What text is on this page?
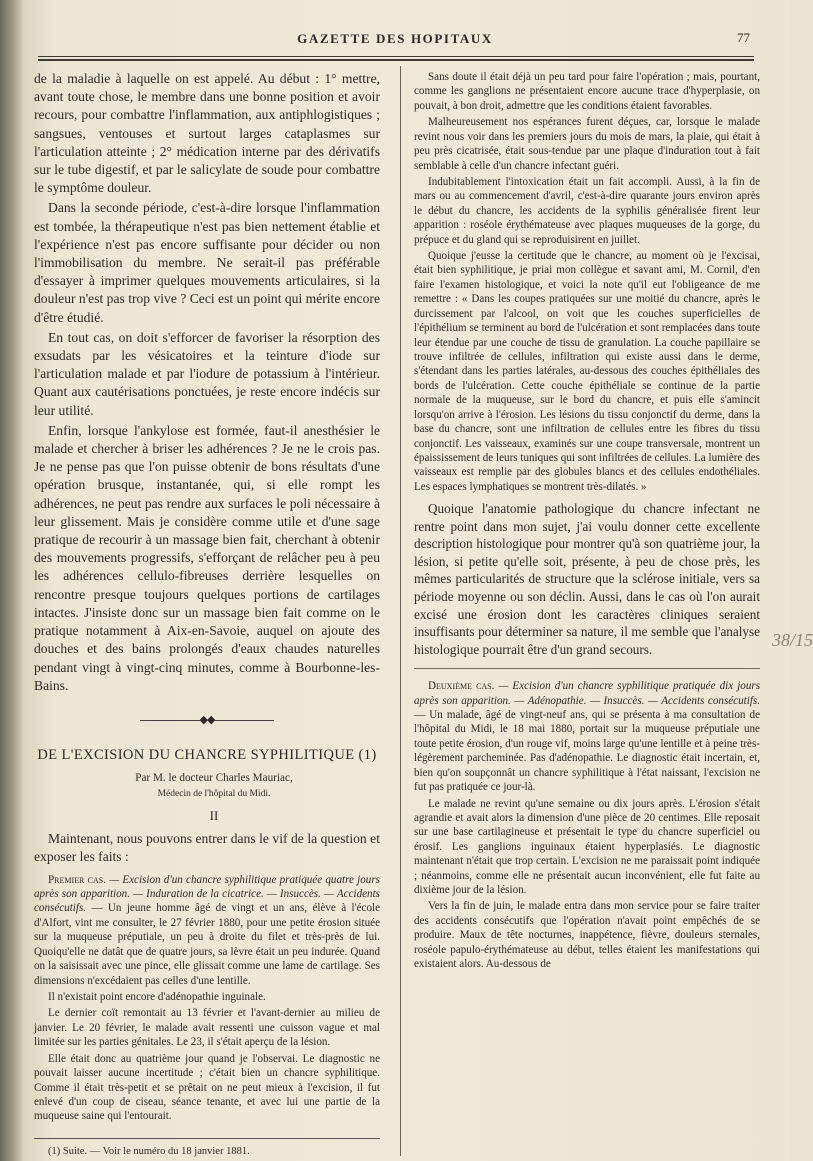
GAZETTE DES HOPITAUX	77

de la maladie à laquelle on est appelé. Au début : 1° mettre, avant toute chose, le membre dans une bonne position et avoir recours, pour combattre l'inflammation, aux antiphlogistiques ; sangsues, ventouses et surtout larges cataplasmes sur l'articulation atteinte ; 2° médication interne par des dérivatifs sur le tube digestif, et par le salicylate de soude pour combattre le symptôme douleur.

Dans la seconde période, c'est-à-dire lorsque l'inflammation est tombée, la thérapeutique n'est pas bien nettement établie et l'expérience n'est pas encore suffisante pour décider ou non l'immobilisation du membre. Ne serait-il pas préférable d'essayer à imprimer quelques mouvements articulaires, si la douleur n'est pas trop vive ? Ceci est un point qui mérite encore d'être étudié.

En tout cas, on doit s'efforcer de favoriser la résorption des exsudats par les vésicatoires et la teinture d'iode sur l'articulation malade et par l'iodure de potassium à l'intérieur. Quant aux cautérisations ponctuées, je reste encore indécis sur leur utilité.

Enfin, lorsque l'ankylose est formée, faut-il anesthésier le malade et chercher à briser les adhérences ? Je ne le crois pas. Je ne pense pas que l'on puisse obtenir de bons résultats d'une opération brusque, instantanée, qui, si elle rompt les adhérences, ne peut pas rendre aux surfaces le poli nécessaire à leur glissement. Mais je considère comme utile et d'une sage pratique de recourir à un massage bien fait, cherchant à obtenir des mouvements progressifs, s'efforçant de relâcher peu à peu les adhérences cellulo-fibreuses derrière lesquelles on rencontre presque toujours quelques portions de cartilages intactes. J'insiste donc sur un massage bien fait comme on le pratique notamment à Aix-en-Savoie, auquel on ajoute des douches et des bains prolongés d'eaux chaudes naturelles pendant vingt à vingt-cinq minutes, comme à Bourbonne-les-Bains.

◆◆
DE L'EXCISION DU CHANCRE SYPHILITIQUE (1)

Par M. le docteur Charles Mauriac,

Médecin de l'hôpital du Midi.

II

Maintenant, nous pouvons entrer dans le vif de la question et exposer les faits :

Premier cas. — Excision d'un chancre syphilitique pratiquée quatre jours après son apparition. — Induration de la cicatrice. — Insuccès. — Accidents consécutifs. — Un jeune homme âgé de vingt et un ans, élève à l'école d'Alfort, vint me consulter, le 27 février 1880, pour une petite érosion située sur la muqueuse préputiale, un peu à droite du filet et très-près de lui. Quoiqu'elle ne datât que de quatre jours, sa lèvre était un peu indurée. Quand on la saisissait avec une pince, elle glissait comme une lame de cartilage. Ses dimensions n'excédaient pas celles d'une lentille.

Il n'existait point encore d'adénopathie inguinale.

Le dernier coït remontait au 13 février et l'avant-dernier au milieu de janvier. Le 20 février, le malade avait ressenti une cuisson vague et mal limitée sur les parties génitales. Le 23, il s'était aperçu de la lésion.

Elle était donc au quatrième jour quand je l'observai. Le diagnostic ne pouvait laisser aucune incertitude ; c'était bien un chancre syphilitique. Comme il était très-petit et se prêtait on ne peut mieux à l'excision, il fut enlevé d'un coup de ciseau, séance tenante, et avec lui une partie de la muqueuse saine qui l'entourait.

(1) Suite. — Voir le numéro du 18 janvier 1881.

Sans doute il était déjà un peu tard pour faire l'opération ; mais, pourtant, comme les ganglions ne présentaient encore aucune trace d'hyperplasie, on pouvait, à bon droit, admettre que les conditions étaient favorables.

Malheureusement nos espérances furent déçues, car, lorsque le malade revint nous voir dans les premiers jours du mois de mars, la plaie, qui était à peu près cicatrisée, était sous-tendue par une plaque d'induration tout à fait semblable à celle d'un chancre infectant guéri.

Indubitablement l'intoxication était un fait accompli. Aussi, à la fin de mars ou au commencement d'avril, c'est-à-dire quarante jours environ après le début du chancre, les accidents de la syphilis généralisée firent leur apparition : roséole érythémateuse avec plaques muqueuses de la gorge, du prépuce et du gland qui se reproduisirent en juillet.

Quoique j'eusse la certitude que le chancre, au moment où je l'excisai, était bien syphilitique, je priai mon collègue et savant ami, M. Cornil, d'en faire l'examen histologique, et voici la note qu'il eut l'obligeance de me remettre : « Dans les coupes pratiquées sur une moitié du chancre, après le durcissement par l'alcool, on voit que les couches superficielles de l'épithélium se terminent au bord de l'ulcération et sont remplacées dans toute leur étendue par une couche de tissu de granulation. La couche papillaire se trouve infiltrée de cellules, infiltration qui existe aussi dans le derme, s'étendant dans les parties latérales, au-dessous des couches épithéliales des bords de l'ulcération. Cette couche épithéliale se continue de la partie normale de la muqueuse, sur le bord du chancre, et puis elle s'amincit lorsqu'on arrive à l'érosion. Les lésions du tissu conjonctif du derme, dans la base du chancre, sont une infiltration de cellules entre les fibres du tissu conjonctif. Les vaisseaux, examinés sur une coupe transversale, montrent un épaississement de leurs tuniques qui sont infiltrées de cellules. La lumière des vaisseaux est remplie par des globules blancs et des cellules endothéliales. Les espaces lymphatiques se montrent très-dilatés. »

Quoique l'anatomie pathologique du chancre infectant ne rentre point dans mon sujet, j'ai voulu donner cette excellente description histologique pour montrer qu'à son quatrième jour, la lésion, si petite qu'elle soit, présente, à peu de chose près, les mêmes particularités de structure que la sclérose initiale, vers sa période moyenne ou son déclin. Aussi, dans le cas où l'on aurait excisé une érosion dont les caractères cliniques seraient insuffisants pour déterminer sa nature, il me semble que l'analyse histologique pourrait être d'un grand secours.

Deuxième cas. — Excision d'un chancre syphilitique pratiquée dix jours après son apparition. — Adénopathie. — Insuccès. — Accidents consécutifs. — Un malade, âgé de vingt-neuf ans, qui se présenta à ma consultation de l'hôpital du Midi, le 18 mai 1880, portait sur la muqueuse préputiale une toute petite érosion, d'un rouge vif, moins large qu'une lentille et à peine très-légèrement parcheminée. Pas d'adénopathie. Le diagnostic était incertain, et, bien qu'on soupçonnât un chancre syphilitique à l'état naissant, l'excision ne fut pas pratiquée ce jour-là.

Le malade ne revint qu'une semaine ou dix jours après. L'érosion s'était agrandie et avait alors la dimension d'une pièce de 20 centimes. Elle reposait sur une base cartilagineuse et présentait le type du chancre superficiel ou érosif. Les ganglions inguinaux étaient hyperplasiés. Le diagnostic maintenant n'était que trop certain. L'excision ne me paraissait point indiquée ; néanmoins, comme elle ne présentait aucun inconvénient, elle fut faite au dixième jour de la lésion.

Vers la fin de juin, le malade entra dans mon service pour se faire traiter des accidents consécutifs que l'opération n'avait point empêchés de se produire. Maux de tête nocturnes, inappétence, fièvre, douleurs sternales, roséole papulo-érythémateuse au début, telles étaient les manifestations qui existaient alors. Au-dessous de

38/15
